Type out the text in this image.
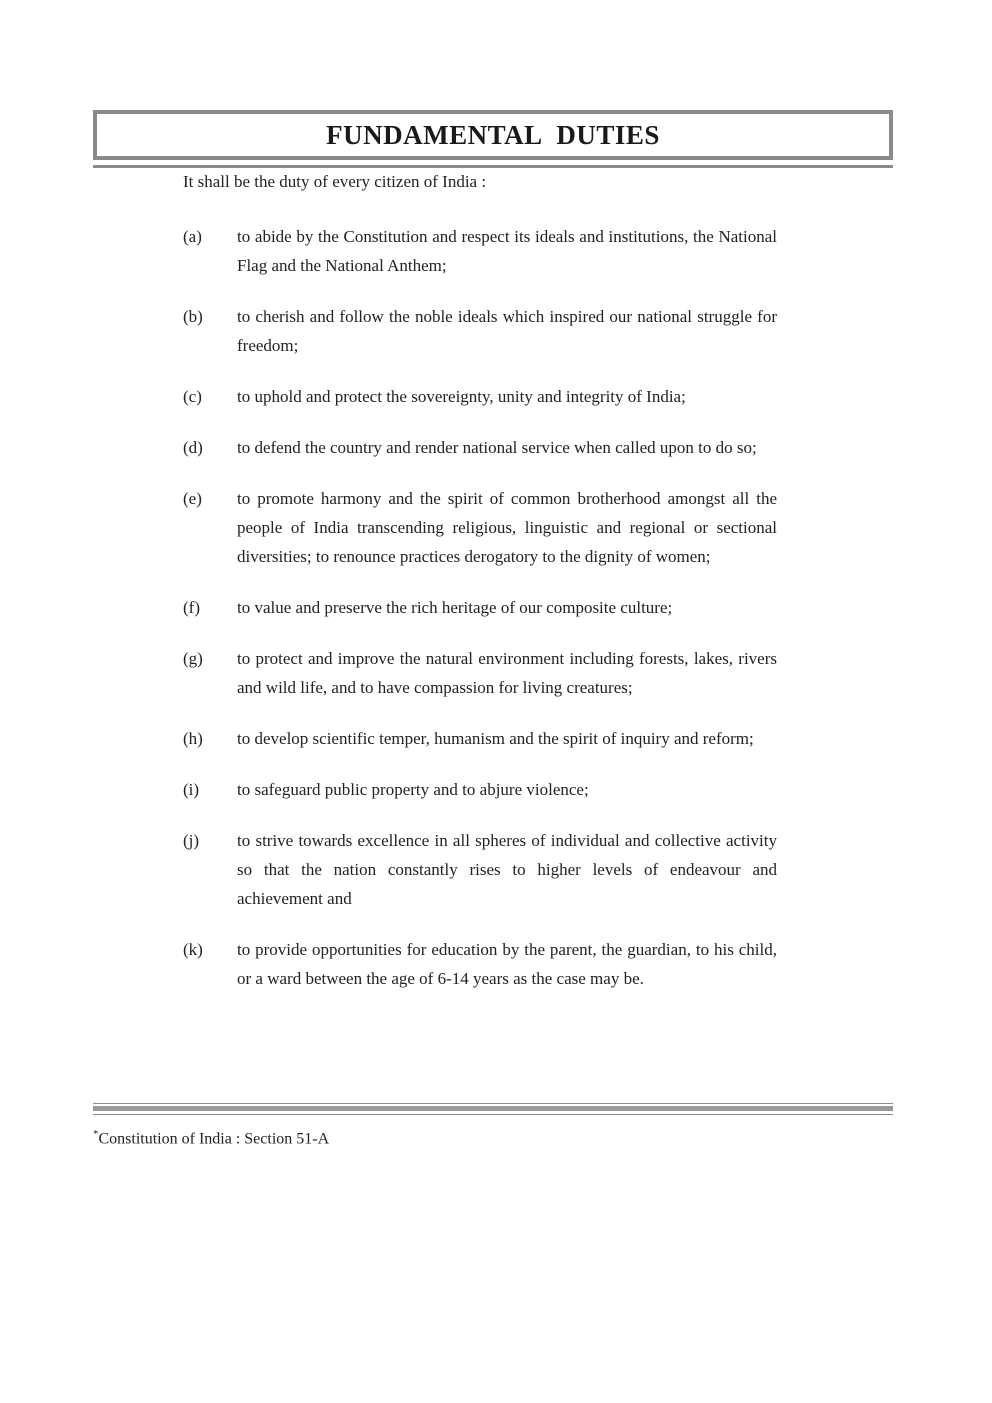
FUNDAMENTAL DUTIES
It shall be the duty of every citizen of India :
(a)	to abide by the Constitution and respect its ideals and institutions, the National Flag and the National Anthem;
(b)	to cherish and follow the noble ideals which inspired our national struggle for freedom;
(c)	to uphold and protect the sovereignty, unity and integrity of India;
(d)	to defend the country and render national service when called upon to do so;
(e)	to promote harmony and the spirit of common brotherhood amongst all the people of India transcending religious, linguistic and regional or sectional diversities; to renounce practices derogatory to the dignity of women;
(f)	to value and preserve the rich heritage of our composite culture;
(g)	to protect and improve the natural environment including forests, lakes, rivers and wild life, and to have compassion for living creatures;
(h)	to develop scientific temper, humanism and the spirit of inquiry and reform;
(i)	to safeguard public property and to abjure violence;
(j)	to strive towards excellence in all spheres of individual and collective activity so that the nation constantly rises to higher levels of endeavour and achievement and
(k)	to provide opportunities for education by the parent, the guardian, to his child, or a ward between the age of 6-14 years as the case may be.
*Constitution of India : Section 51-A
